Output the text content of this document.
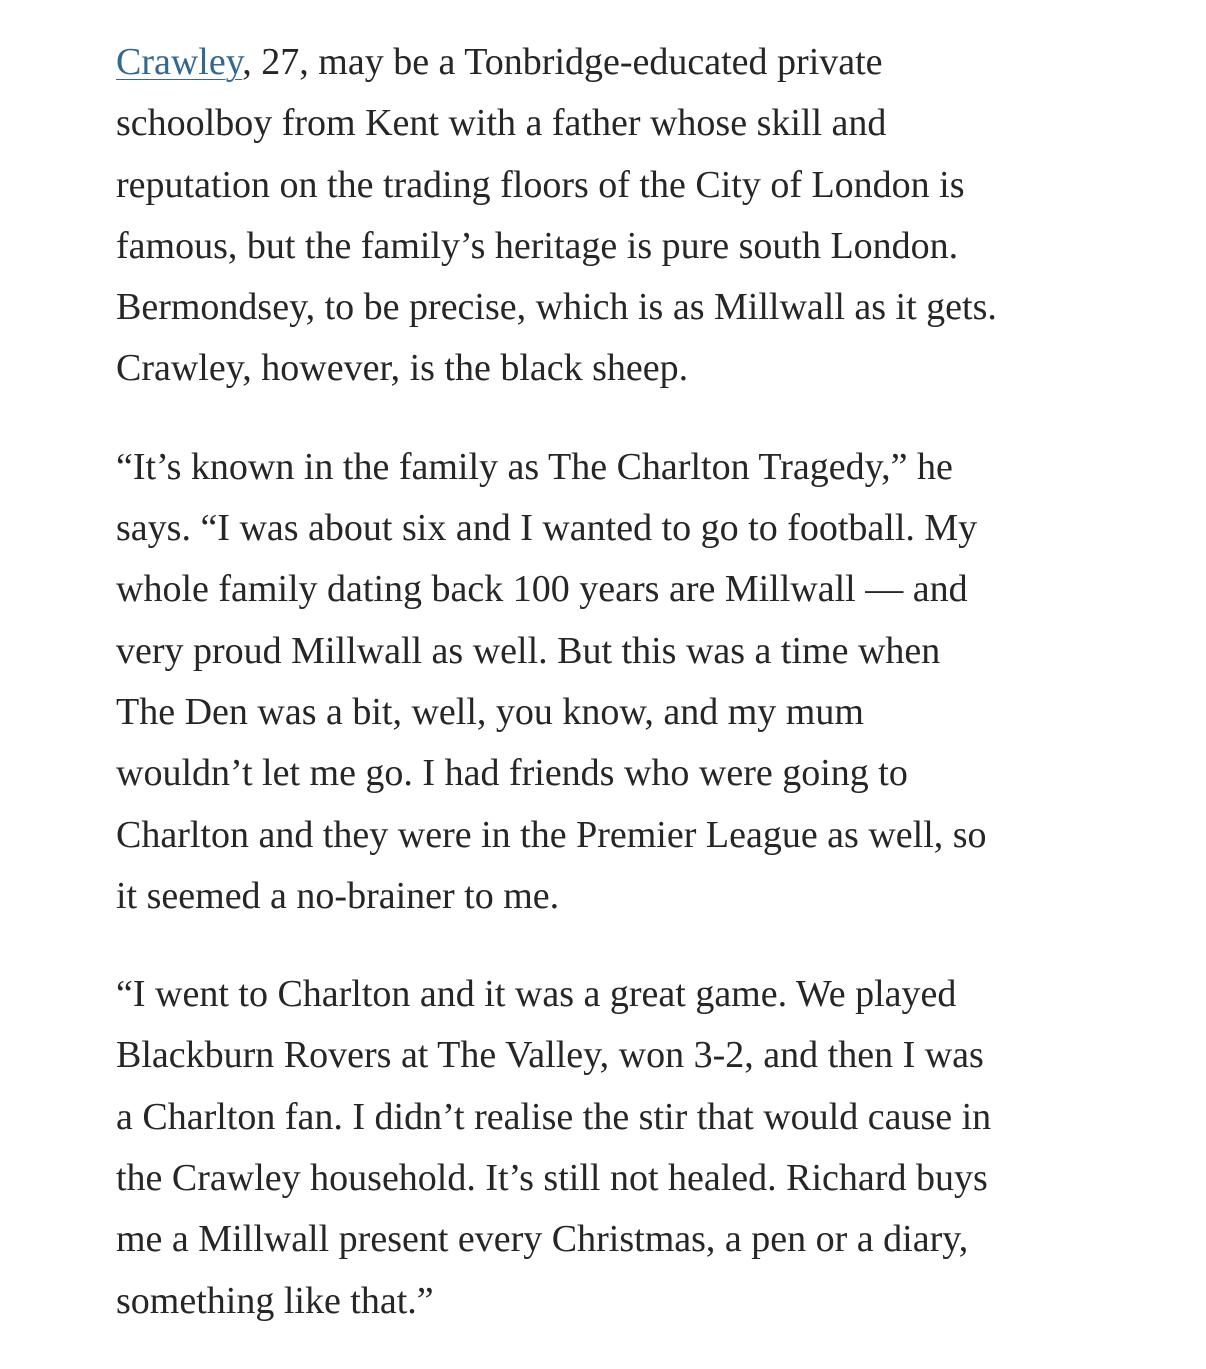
Crawley, 27, may be a Tonbridge-educated private
schoolboy from Kent with a father whose skill and
reputation on the trading floors of the City of London is
famous, but the family’s heritage is pure south London.
Bermondsey, to be precise, which is as Millwall as it gets.
Crawley, however, is the black sheep.

“It’s known in the family as The Charlton Tragedy,” he
says. “I was about six and I wanted to go to football. My
whole family dating back 100 years are Millwall — and
very proud Millwall as well. But this was a time when
The Den was a bit, well, you know, and my mum
wouldn’t let me go. I had friends who were going to
Charlton and they were in the Premier League as well, so
it seemed a no-brainer to me.

“I went to Charlton and it was a great game. We played
Blackburn Rovers at The Valley, won 3-2, and then I was
a Charlton fan. I didn’t realise the stir that would cause in
the Crawley household. It’s still not healed. Richard buys
me a Millwall present every Christmas, a pen or a diary,
something like that.”
